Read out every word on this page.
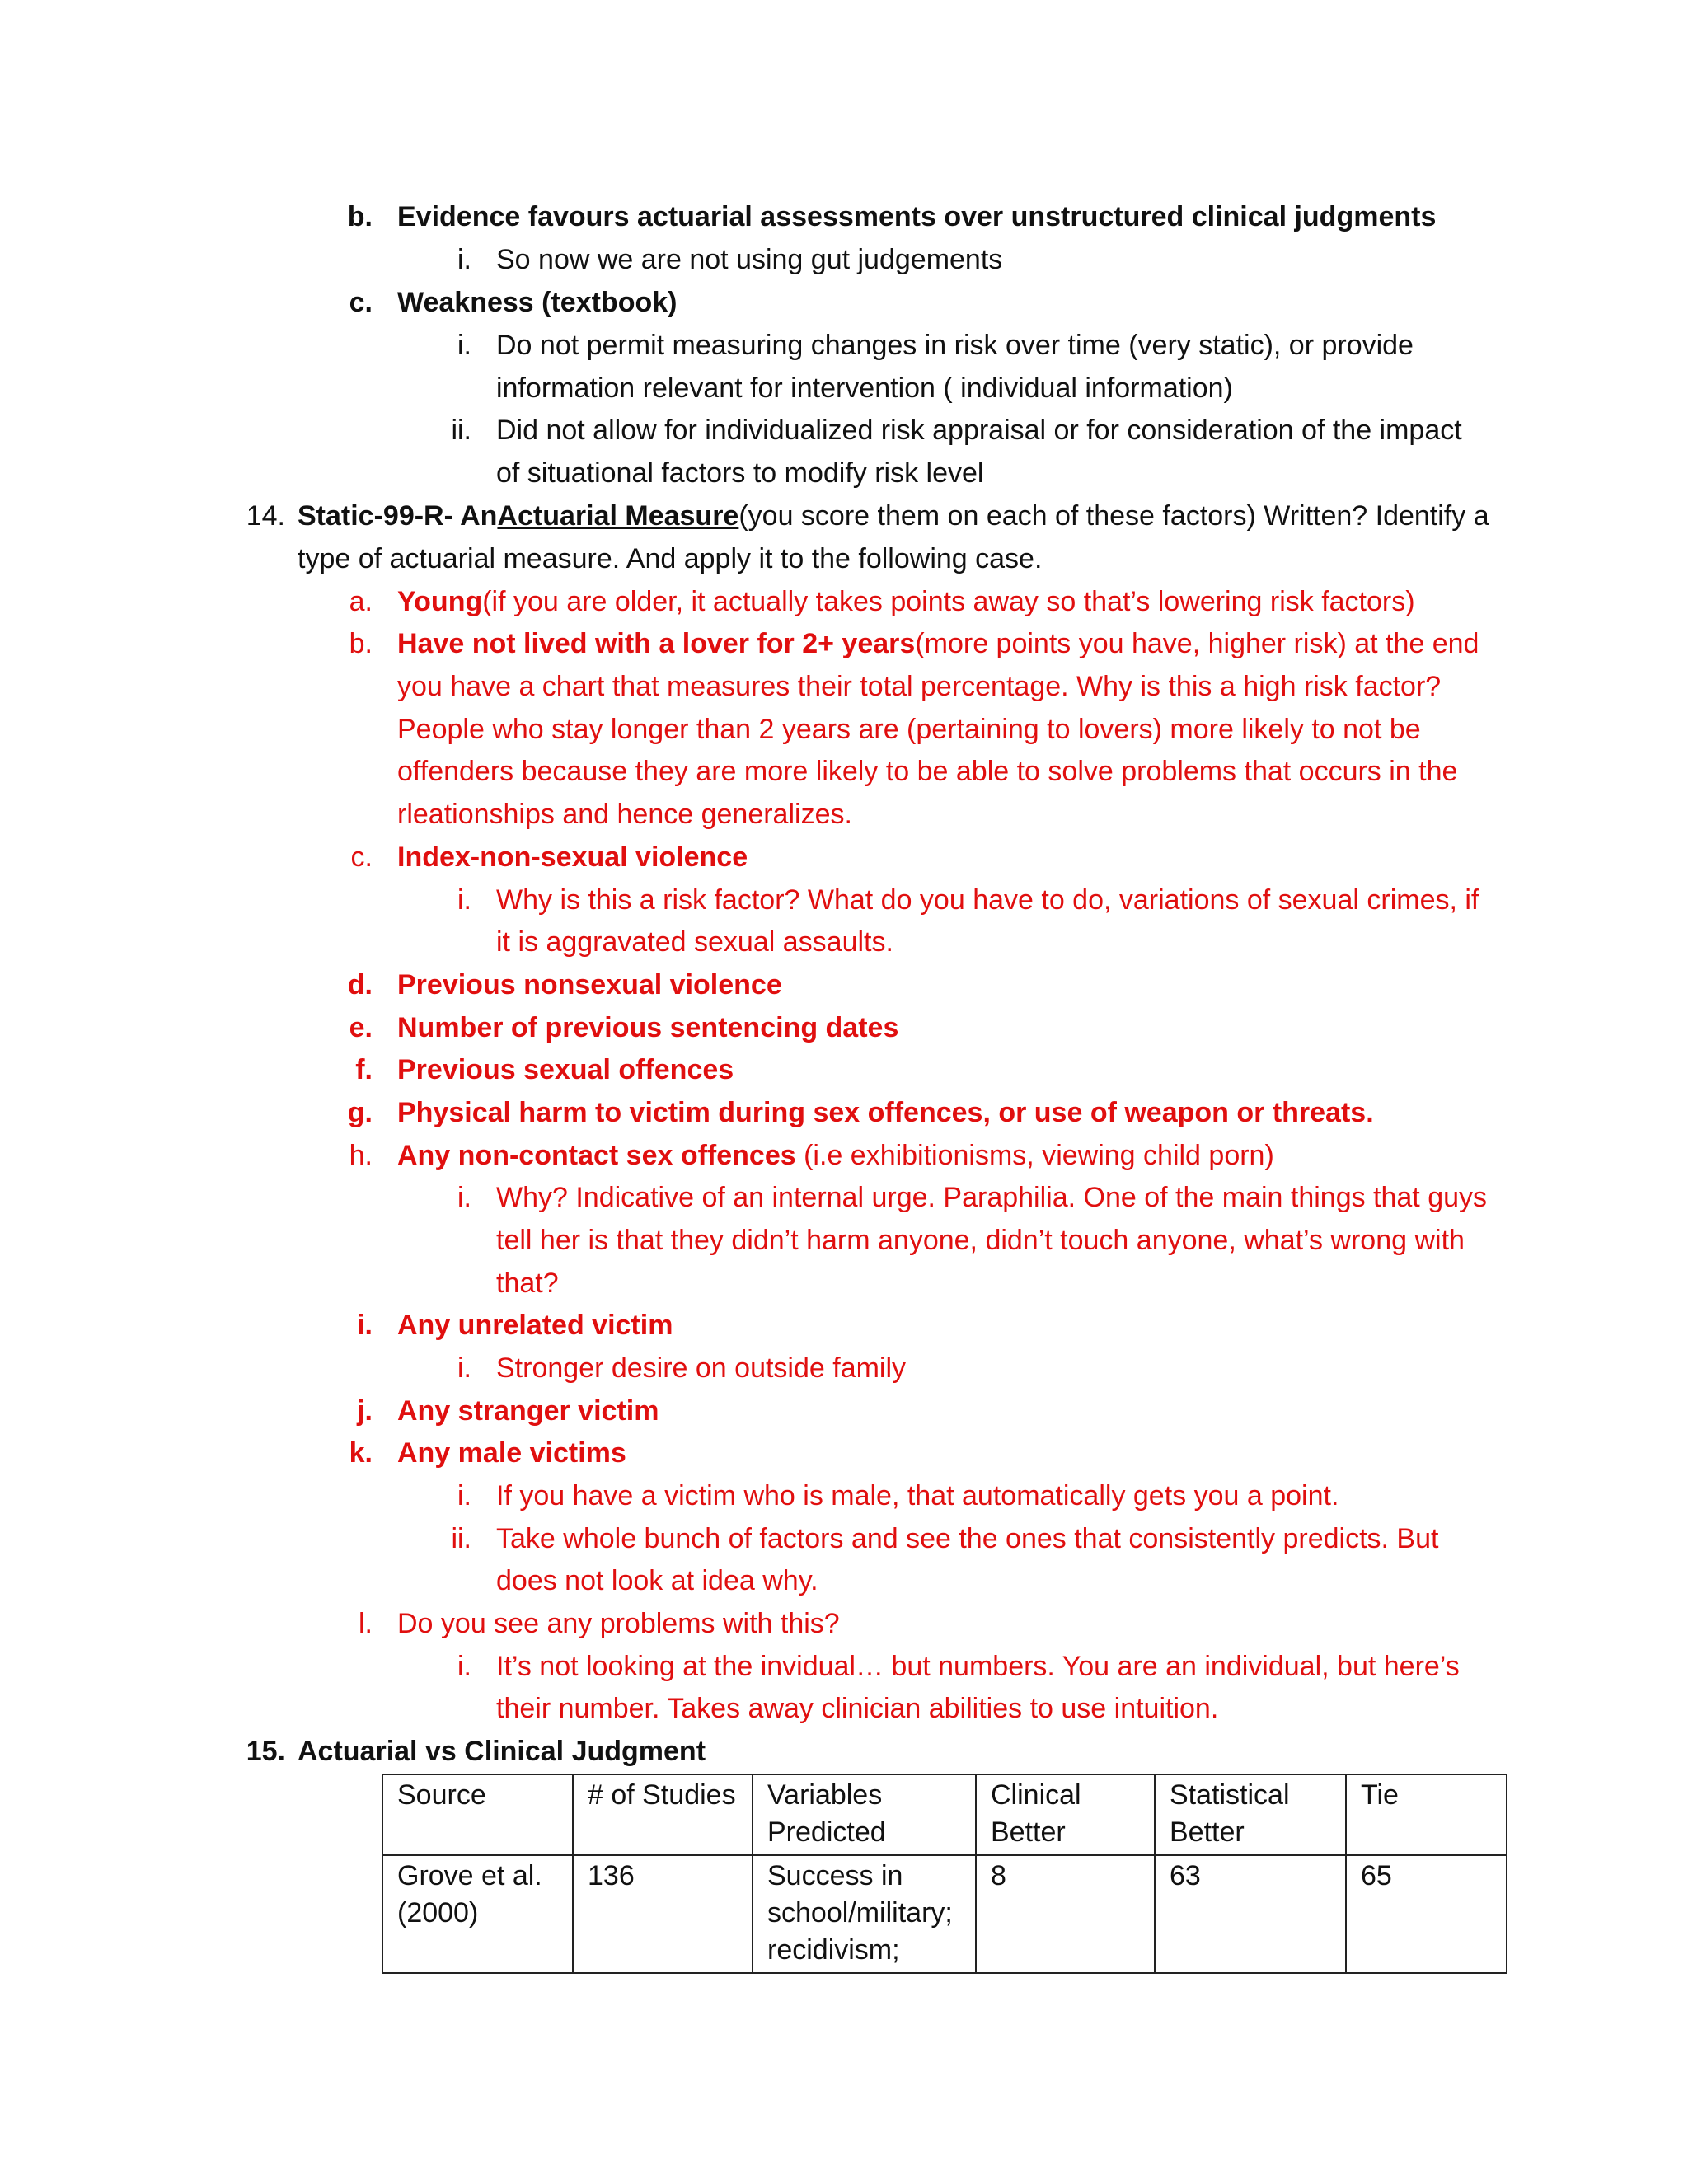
b. Evidence favours actuarial assessments over unstructured clinical judgments
i. So now we are not using gut judgements
c. Weakness (textbook)
i. Do not permit measuring changes in risk over time (very static), or provide
information relevant for intervention ( individual information)
ii. Did not allow for individualized risk appraisal or for consideration of the impact
of situational factors to modify risk level
14. Static-99-R- AnActuarial Measure(you score them on each of these factors) Written? Identify a
type of actuarial measure. And apply it to the following case.
a. Young(if you are older, it actually takes points away so that’s lowering risk factors)
b. Have not lived with a lover for 2+ years(more points you have, higher risk) at the end
you have a chart that measures their total percentage. Why is this a high risk factor?
People who stay longer than 2 years are (pertaining to lovers) more likely to not be
offenders because they are more likely to be able to solve problems that occurs in the
rleationships and hence generalizes.
c. Index-non-sexual violence
i. Why is this a risk factor? What do you have to do, variations of sexual crimes, if
it is aggravated sexual assaults.
d. Previous nonsexual violence
e. Number of previous sentencing dates
f. Previous sexual offences
g. Physical harm to victim during sex offences, or use of weapon or threats.
h. Any non-contact sex offences (i.e exhibitionisms, viewing child porn)
i. Why? Indicative of an internal urge. Paraphilia. One of the main things that guys
tell her is that they didn’t harm anyone, didn’t touch anyone, what’s wrong with
that?
i. Any unrelated victim
i. Stronger desire on outside family
j. Any stranger victim
k. Any male victims
i. If you have a victim who is male, that automatically gets you a point.
ii. Take whole bunch of factors and see the ones that consistently predicts. But
does not look at idea why.
l. Do you see any problems with this?
i. It’s not looking at the invidual… but numbers. You are an individual, but here’s
their number. Takes away clinician abilities to use intuition.
15. Actuarial vs Clinical Judgment
Source	# of Studies	Variables Predicted	Clinical Better	Statistical Better	Tie
Grove et al. (2000)	136	Success in school/military; recidivism;	8	63	65
